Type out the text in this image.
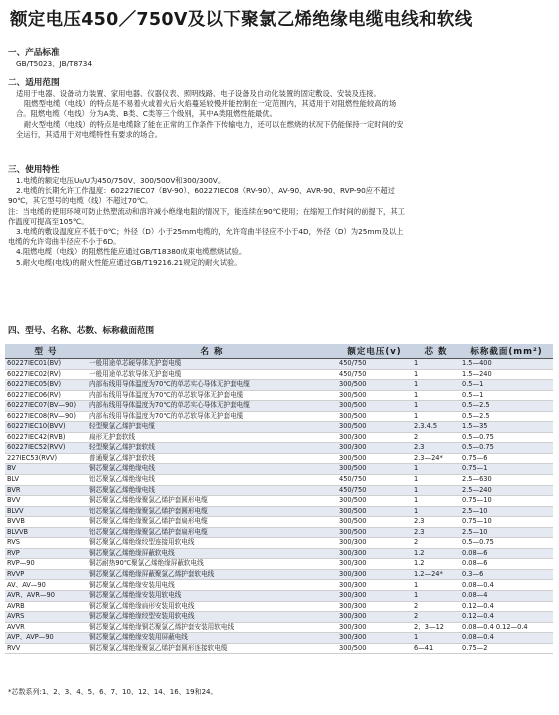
额定电压450／750V及以下聚氯乙烯绝缘电缆电线和软线
一、产品标准
GB/T5023、JB/T8734
二、适用范围
适用于电器、设备动力装置、家用电器、仪器仪表、照明线路、电子设备及自动化装置的固定敷设、安装及连接。
阻燃型电缆（电线）的特点是不易着火或着火后火焰蔓延较慢并能控制在一定范围内，其适用于对阻燃性能较高的场
合。阻燃电缆（电线）分为A类、B类、C类等三个级别，其中A类阻燃性能最优。
耐火型电缆（电线）的特点是电缆除了能在正常的工作条件下传输电力，还可以在燃烧的状况下仍能保持一定时间的安
全运行，其适用于对电缆特性有要求的场合。
三、使用特性
1.电缆的额定电压U₀/U为450/750V、300/500V和300/300V。
2.电缆的长期允许工作温度：60227IEC07（BV-90）、60227IEC08（RV-90）、AV-90、AVR-90、RVP-90应不超过
90℃，其它型号的电缆（线）不超过70℃。
注：当电缆的使用环境可防止热塑流动和溶许减小绝缘电阻的情况下，能连续在90℃使用；在缩短工作时间的前提下，其工
作温度可提高至105℃。
3.电缆的敷设温度应不低于0℃；外径（D）小于25mm电缆的，允许弯曲半径应不小于4D，外径（D）为25mm及以上
电缆的允许弯曲半径应不小于6D。
4.阻燃电缆（电线）的阻燃性能应通过GB/T18380成束电缆燃烧试验。
5.耐火电缆(电线)的耐火性能应通过GB/T19216.21规定的耐火试验。
四、型号、名称、芯数、标称截面范围
型 号	名 称	额定电压(v)	芯 数	标称截面(mm²)
60227IEC01(BV)	一般用途单芯硬导体无护套电缆	450/750	1	1.5—400
60227IEC02(RV)	一般用途单芯软导体无护套电缆	450/750	1	1.5—240
60227IEC05(BV)	内部布线用导体温度为70℃的单芯实心导体无护套电缆	300/500	1	0.5—1
60227IEC06(RV)	内部布线用导体温度为70℃的单芯软导体无护套电缆	300/500	1	0.5—1
60227IEC07(BV—90)	内部布线用导体温度为70℃的单芯实心导体无护套电缆	300/500	1	0.5—2.5
60227IEC08(RV—90)	内部布线用导体温度为70℃的单芯软导体无护套电缆	300/500	1	0.5—2.5
60227IEC10(BVV)	轻型聚氯乙烯护套电缆	300/500	2.3.4.5	1.5—35
60227IEC42(RVB)	扁形无护套软线	300/300	2	0.5—0.75
60227IEC52(RVV)	轻型聚氯乙烯护套软线	300/300	2.3	0.5—0.75
227IEC53(RVV)	普通聚氯乙烯护套软线	300/500	2.3—24*	0.75—6
BV	铜芯聚氯乙烯绝缘电线	300/500	1	0.75—1
BLV	铝芯聚氯乙烯绝缘电线	450/750	1	2.5—630
BVR	铜芯聚氯乙烯绝缘电线	450/750	1	2.5—240
BVV	铜芯聚氯乙烯绝缘聚氯乙烯护套圆形电缆	300/500	1	0.75—10
BLVV	铝芯聚氯乙烯绝缘聚氯乙烯护套圆形电缆	300/500	1	2.5—10
BVVB	铜芯聚氯乙烯绝缘聚氯乙烯护套扁形电缆	300/500	2.3	0.75—10
BLVVB	铝芯聚氯乙烯绝缘聚氯乙烯护套扁形电缆	300/500	2.3	2.5—10
RVS	铜芯聚氯乙烯绝缘绞型连接用软电线	300/300	2	0.5—0.75
RVP	铜芯聚氯乙烯绝缘屏蔽软电线	300/300	1.2	0.08—6
RVP—90	铜芯耐热90℃聚氯乙烯绝缘屏蔽软电线	300/300	1.2	0.08—6
RVVP	铜芯聚氯乙烯绝缘屏蔽聚氯乙烯护套软电线	300/300	1.2—24*	0.3—6
AV、AV—90	铜芯聚氯乙烯绝缘安装用电线	300/300	1	0.08—0.4
AVR、AVR—90	铜芯聚氯乙烯绝缘安装用软电线	300/300	1	0.08—4
AVRB	铜芯聚氯乙烯绝缘扁形安装用软电线	300/300	2	0.12—0.4
AVRS	铜芯聚氯乙烯绝缘绞型安装用软电线	300/300	2	0.12—0.4
AVVR	铜芯聚氯乙烯绝缘铜芯聚氯乙烯护套安装用软电线	300/300	2、3—12	0.08—0.4 0.12—0.4
AVP、AVP—90	铜芯聚氯乙烯绝缘安装用屏蔽电线	300/300	1	0.08—0.4
RVV	铜芯聚氯乙烯绝缘聚氯乙烯护套圆形连接软电缆	300/500	6—41	0.75—2
*芯数系列:1、2、3、4、5、6、7、10、12、14、16、19和24。
